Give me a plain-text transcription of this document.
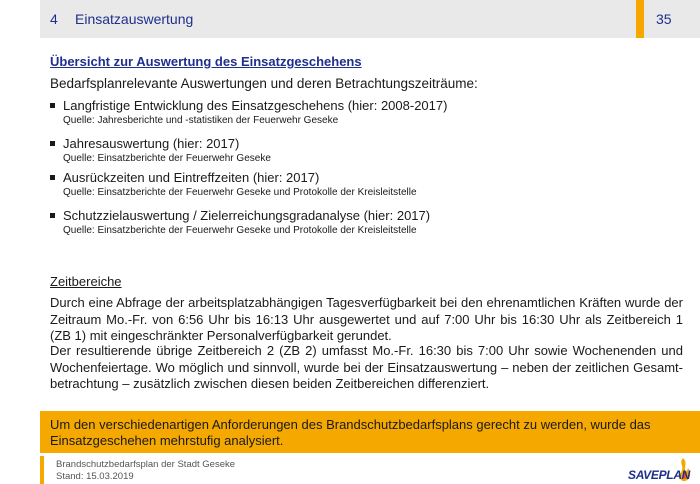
4 Einsatzauswertung	35
Übersicht zur Auswertung des Einsatzgeschehens
Bedarfsplanrelevante Auswertungen und deren Betrachtungszeiträume:
Langfristige Entwicklung des Einsatzgeschehens (hier: 2008-2017)
Quelle: Jahresberichte und -statistiken der Feuerwehr Geseke
Jahresauswertung (hier: 2017)
Quelle: Einsatzberichte der Feuerwehr Geseke
Ausrückzeiten und Eintreffzeiten (hier: 2017)
Quelle: Einsatzberichte der Feuerwehr Geseke und Protokolle der Kreisleitstelle
Schutzzielauswertung / Zielerreichungsgradanalyse (hier: 2017)
Quelle: Einsatzberichte der Feuerwehr Geseke und Protokolle der Kreisleitstelle
Zeitbereiche

Durch eine Abfrage der arbeitsplatzabhängigen Tagesverfügbarkeit bei den ehrenamtlichen Kräften wurde der Zeitraum Mo.-Fr. von 6:56 Uhr bis 16:13 Uhr ausgewertet und auf 7:00 Uhr bis 16:30 Uhr als Zeitbereich 1 (ZB 1) mit eingeschränkter Personalverfügbarkeit gerundet.

Der resultierende übrige Zeitbereich 2 (ZB 2) umfasst Mo.-Fr. 16:30 bis 7:00 Uhr sowie Wochenenden und Wochenfeiertage. Wo möglich und sinnvoll, wurde bei der Einsatzauswertung – neben der zeitlichen Gesamtbetrachtung – zusätzlich zwischen diesen beiden Zeitbereichen differenziert.

Um den verschiedenartigen Anforderungen des Brandschutzbedarfsplans gerecht zu werden, wurde das Einsatzgeschehen mehrstufig analysiert.

Brandschutzbedarfsplan der Stadt Geseke
Stand: 15.03.2019	SAVEPLAN
